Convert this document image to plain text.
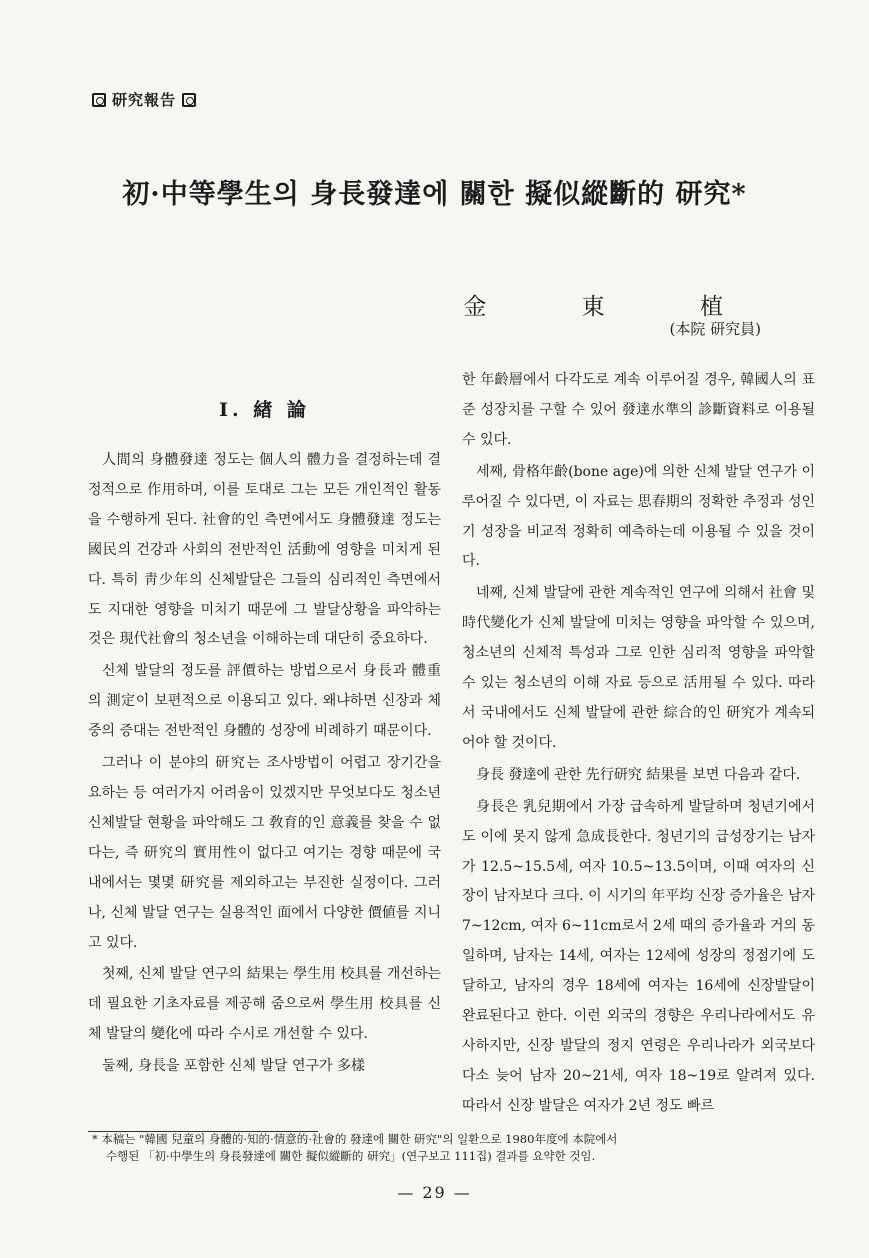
研究報告
初·中等學生의 身長發達에 關한 擬似縱斷的 研究*
金 東 植
(本院 研究員)
Ⅰ. 緖 論

人間의 身體發達 정도는 個人의 體力을 결정하는데 결정적으로 作用하며, 이를 토대로 그는 모든 개인적인 활동을 수행하게 된다. 社會的인 측면에서도 身體發達 정도는 國民의 건강과 사회의 전반적인 活動에 영향을 미치게 된다. 특히 靑少年의 신체발달은 그들의 심리적인 측면에서도 지대한 영향을 미치기 때문에 그 발달상황을 파악하는 것은 現代社會의 청소년을 이해하는데 대단히 중요하다.

신체 발달의 정도를 評價하는 방법으로서 身長과 體重의 測定이 보편적으로 이용되고 있다. 왜냐하면 신장과 체중의 증대는 전반적인 身體的 성장에 비례하기 때문이다.

그러나 이 분야의 研究는 조사방법이 어렵고 장기간을 요하는 등 여러가지 어려움이 있겠지만 무엇보다도 청소년 신체발달 현황을 파악해도 그 敎育的인 意義를 찾을 수 없다는, 즉 研究의 實用性이 없다고 여기는 경향 때문에 국내에서는 몇몇 研究를 제외하고는 부진한 실정이다. 그러나, 신체 발달 연구는 실용적인 面에서 다양한 價値를 지니고 있다.

첫째, 신체 발달 연구의 結果는 學生用 校具를 개선하는 데 필요한 기초자료를 제공해 줌으로써 學生用 校具를 신체 발달의 變化에 따라 수시로 개선할 수 있다.

둘째, 身長을 포함한 신체 발달 연구가 多樣

한 年齡層에서 다각도로 계속 이루어질 경우, 韓國人의 표준 성장치를 구할 수 있어 發達水準의 診斷資料로 이용될 수 있다.

세째, 骨格年齡(bone age)에 의한 신체 발달 연구가 이루어질 수 있다면, 이 자료는 思春期의 정확한 추정과 성인기 성장을 비교적 정확히 예측하는데 이용될 수 있을 것이다.

네째, 신체 발달에 관한 계속적인 연구에 의해서 社會 및 時代變化가 신체 발달에 미치는 영향을 파악할 수 있으며, 청소년의 신체적 특성과 그로 인한 심리적 영향을 파악할 수 있는 청소년의 이해 자료 등으로 活用될 수 있다. 따라서 국내에서도 신체 발달에 관한 綜合的인 研究가 계속되어야 할 것이다.

身長 發達에 관한 先行研究 結果를 보면 다음과 같다.

身長은 乳兒期에서 가장 급속하게 발달하며 청년기에서도 이에 못지 않게 急成長한다. 청년기의 급성장기는 남자가 12.5~15.5세, 여자 10.5~13.5이며, 이때 여자의 신장이 남자보다 크다. 이 시기의 年平均 신장 증가율은 남자 7~12cm, 여자 6~11cm로서 2세 때의 증가율과 거의 동일하며, 남자는 14세, 여자는 12세에 성장의 정점기에 도달하고, 남자의 경우 18세에 여자는 16세에 신장발달이 완료된다고 한다. 이런 외국의 경향은 우리나라에서도 유사하지만, 신장 발달의 정지 연령은 우리나라가 외국보다 다소 늦어 남자 20~21세, 여자 18~19로 알려져 있다. 따라서 신장 발달은 여자가 2년 정도 빠르

* 本稿는 "韓國 兒童의 身體的·知的·情意的·社會的 發達에 關한 研究"의 일환으로 1980年度에 本院에서
수행된 「初·中學生의 身長發達에 關한 擬似縱斷的 研究」(연구보고 111집) 결과를 요약한 것임.
— 29 —
